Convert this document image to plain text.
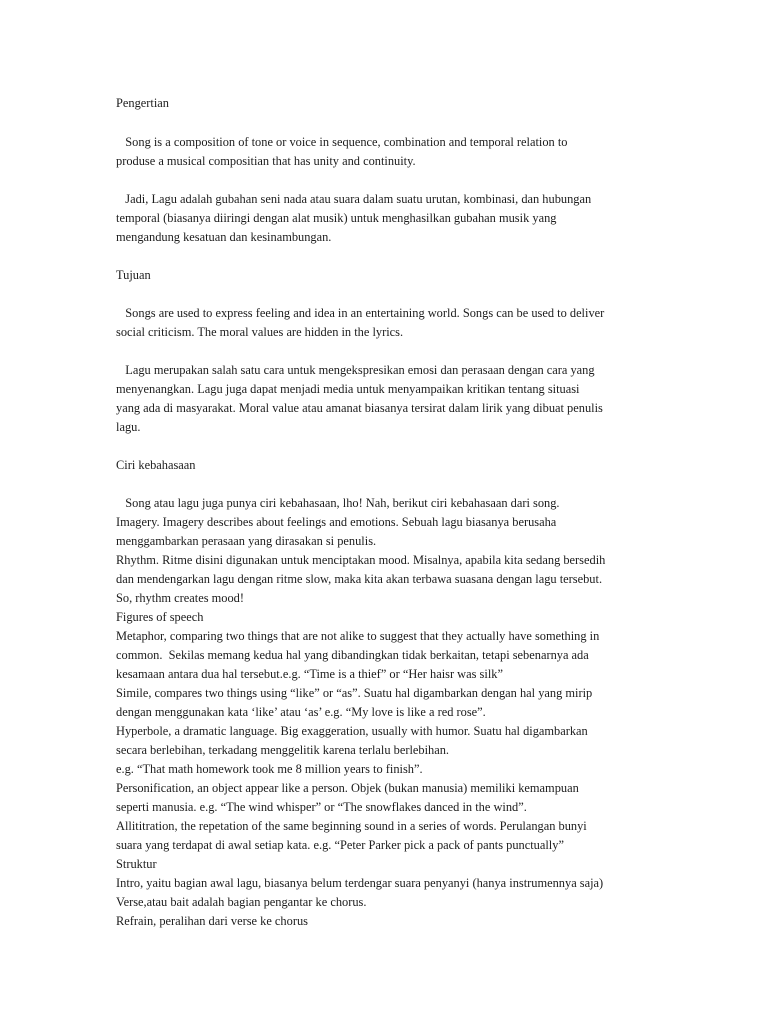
Pengertian
Song is a composition of tone or voice in sequence, combination and temporal relation to
produse a musical compositian that has unity and continuity.
Jadi, Lagu adalah gubahan seni nada atau suara dalam suatu urutan, kombinasi, dan hubungan
temporal (biasanya diiringi dengan alat musik) untuk menghasilkan gubahan musik yang
mengandung kesatuan dan kesinambungan.
Tujuan
Songs are used to express feeling and idea in an entertaining world. Songs can be used to deliver
social criticism. The moral values are hidden in the lyrics.
Lagu merupakan salah satu cara untuk mengekspresikan emosi dan perasaan dengan cara yang
menyenangkan. Lagu juga dapat menjadi media untuk menyampaikan kritikan tentang situasi
yang ada di masyarakat. Moral value atau amanat biasanya tersirat dalam lirik yang dibuat penulis
lagu.
Ciri kebahasaan
Song atau lagu juga punya ciri kebahasaan, lho! Nah, berikut ciri kebahasaan dari song.
Imagery. Imagery describes about feelings and emotions. Sebuah lagu biasanya berusaha
menggambarkan perasaan yang dirasakan si penulis.
Rhythm. Ritme disini digunakan untuk menciptakan mood. Misalnya, apabila kita sedang bersedih
dan mendengarkan lagu dengan ritme slow, maka kita akan terbawa suasana dengan lagu tersebut.
So, rhythm creates mood!
Figures of speech
Metaphor, comparing two things that are not alike to suggest that they actually have something in
common.  Sekilas memang kedua hal yang dibandingkan tidak berkaitan, tetapi sebenarnya ada
kesamaan antara dua hal tersebut.e.g. “Time is a thief” or “Her haisr was silk”
Simile, compares two things using “like” or “as”. Suatu hal digambarkan dengan hal yang mirip
dengan menggunakan kata ‘like’ atau ‘as’ e.g. “My love is like a red rose”.
Hyperbole, a dramatic language. Big exaggeration, usually with humor. Suatu hal digambarkan
secara berlebihan, terkadang menggelitik karena terlalu berlebihan.
e.g. “That math homework took me 8 million years to finish”.
Personification, an object appear like a person. Objek (bukan manusia) memiliki kemampuan
seperti manusia. e.g. “The wind whisper” or “The snowflakes danced in the wind”.
Allititration, the repetation of the same beginning sound in a series of words. Perulangan bunyi
suara yang terdapat di awal setiap kata. e.g. “Peter Parker pick a pack of pants punctually”
Struktur
Intro, yaitu bagian awal lagu, biasanya belum terdengar suara penyanyi (hanya instrumennya saja)
Verse,atau bait adalah bagian pengantar ke chorus.
Refrain, peralihan dari verse ke chorus
